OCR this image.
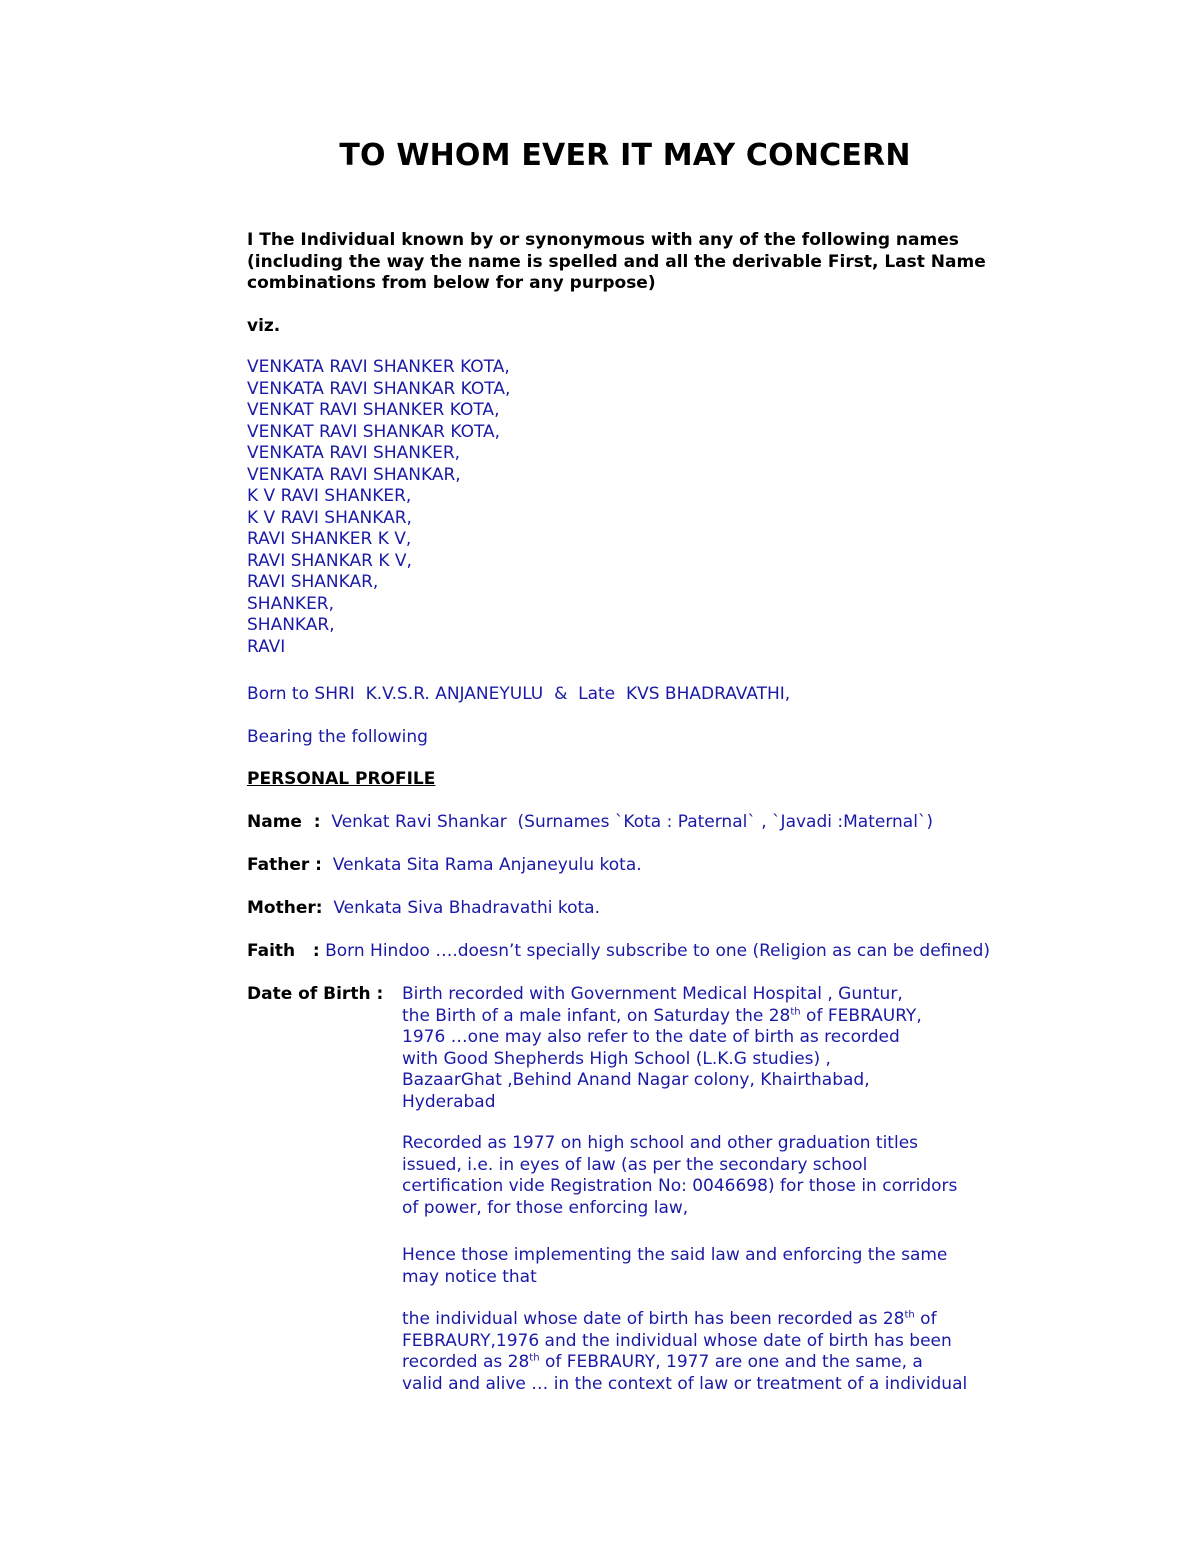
TO WHOM EVER IT MAY CONCERN

I The Individual known by or synonymous with any of the following names

(including the way the name is spelled and all the derivable First, Last Name

combinations from below for any purpose)

viz.
VENKATA RAVI SHANKER KOTA,
VENKATA RAVI SHANKAR KOTA,
VENKAT RAVI SHANKER KOTA,
VENKAT RAVI SHANKAR KOTA,
VENKATA RAVI SHANKER,
VENKATA RAVI SHANKAR,
K V RAVI SHANKER,
K V RAVI SHANKAR,
RAVI SHANKER K V,
RAVI SHANKAR K V,
RAVI SHANKAR,
SHANKER,
SHANKAR,
RAVI
Born to SHRI  K.V.S.R. ANJANEYULU  &  Late  KVS BHADRAVATHI,
Bearing the following
PERSONAL PROFILE
Name  : Venkat Ravi Shankar  (Surnames `Kota : Paternal` , `Javadi :Maternal`)
Father : Venkata Sita Rama Anjaneyulu kota.
Mother: Venkata Siva Bhadravathi kota.
Faith   : Born Hindoo ….doesn’t specially subscribe to one (Religion as can be defined)
Date of Birth : Birth recorded with Government Medical Hospital , Guntur,

the Birth of a male infant, on Saturday the 28th of FEBRAURY,

1976 …one may also refer to the date of birth as recorded

with Good Shepherds High School (L.K.G studies) ,

BazaarGhat ,Behind Anand Nagar colony, Khairthabad,

Hyderabad

Recorded as 1977 on high school and other graduation titles

issued, i.e. in eyes of law (as per the secondary school

certification vide Registration No: 0046698) for those in corridors

of power, for those enforcing law,

Hence those implementing the said law and enforcing the same

may notice that

the individual whose date of birth has been recorded as 28th of

FEBRAURY,1976 and the individual whose date of birth has been

recorded as 28th of FEBRAURY, 1977 are one and the same, a

valid and alive … in the context of law or treatment of a individual
